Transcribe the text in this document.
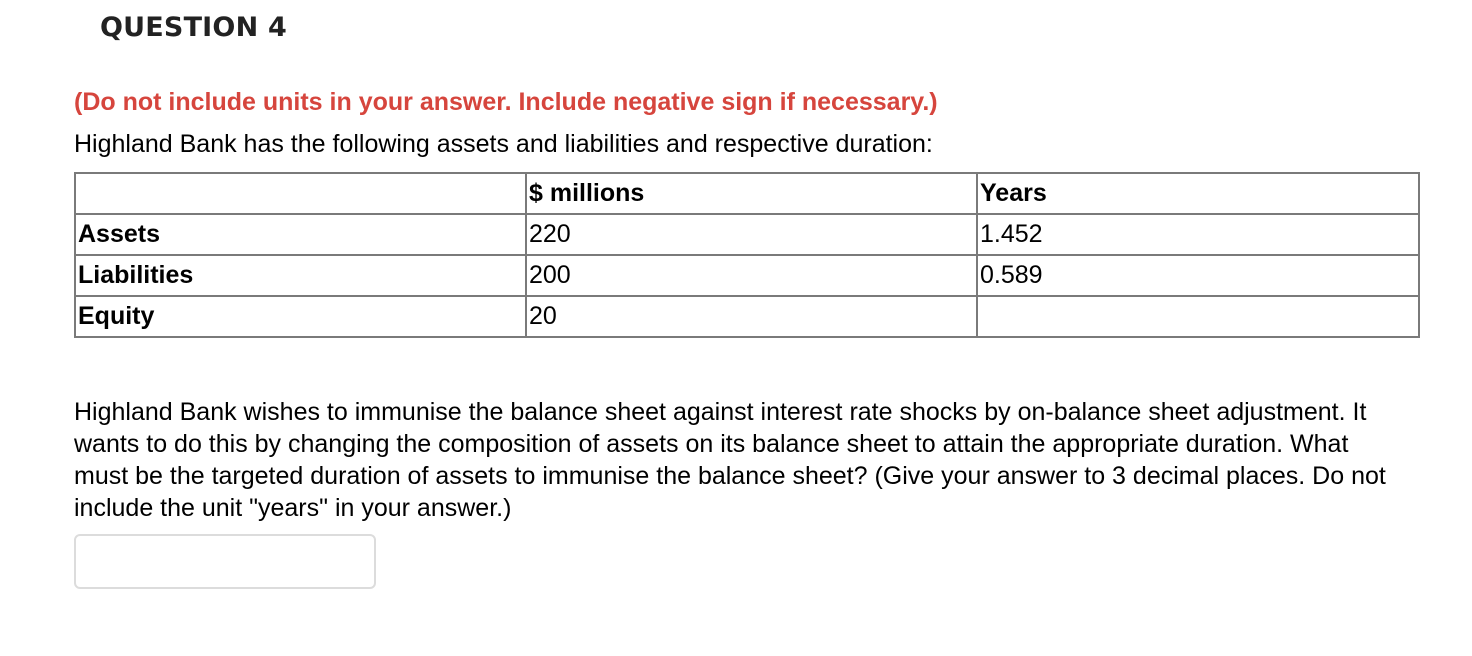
QUESTION 4
(Do not include units in your answer. Include negative sign if necessary.)
Highland Bank has the following assets and liabilities and respective duration:
	$ millions	Years
Assets	220	1.452
Liabilities	200	0.589
Equity	20	
Highland Bank wishes to immunise the balance sheet against interest rate shocks by on-balance sheet adjustment. It wants to do this by changing the composition of assets on its balance sheet to attain the appropriate duration. What must be the targeted duration of assets to immunise the balance sheet? (Give your answer to 3 decimal places. Do not include the unit "years" in your answer.)
